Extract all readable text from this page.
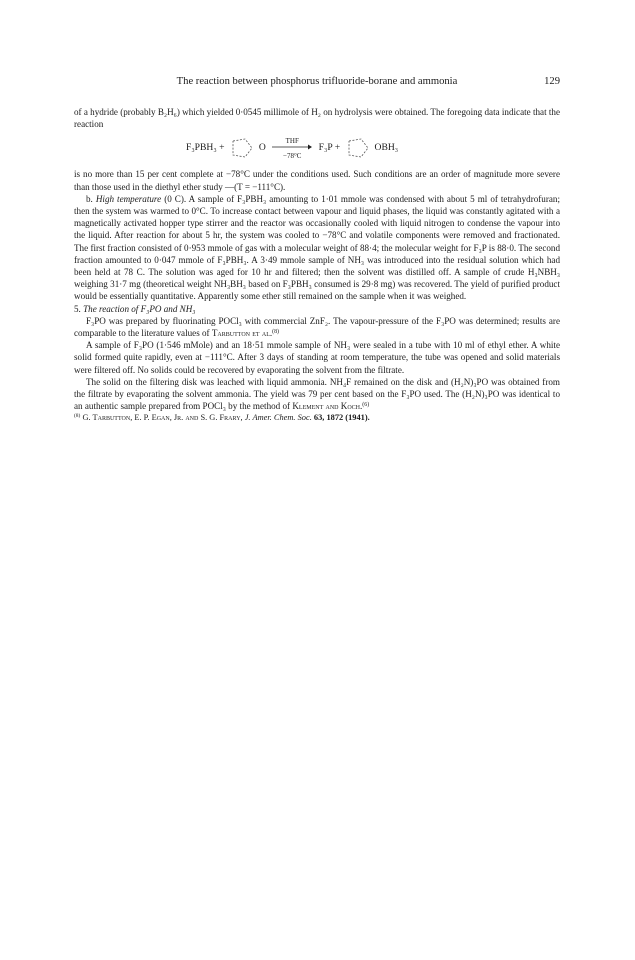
The reaction between phosphorus trifluoride-borane and ammonia	129

of a hydride (probably B₂H₆) which yielded 0·0545 millimole of H₂ on hydrolysis were obtained. The foregoing data indicate that the reaction

F₃PBH₃ +	O
THF
−78°C
F₃P +	OBH₃

is no more than 15 per cent complete at −78°C under the conditions used. Such conditions are an order of magnitude more severe than those used in the diethyl ether study —(T = −111°C).

b. High temperature (0 C). A sample of F₃PBH₃ amounting to 1·01 mmole was condensed with about 5 ml of tetrahydrofuran; then the system was warmed to 0°C. To increase contact between vapour and liquid phases, the liquid was constantly agitated with a magnetically activated hopper type stirrer and the reactor was occasionally cooled with liquid nitrogen to condense the vapour into the liquid. After reaction for about 5 hr, the system was cooled to −78°C and volatile components were removed and fractionated. The first fraction consisted of 0·953 mmole of gas with a molecular weight of 88·4; the molecular weight for F₃P is 88·0. The second fraction amounted to 0·047 mmole of F₃PBH₃. A 3·49 mmole sample of NH₃ was introduced into the residual solution which had been held at 78 C. The solution was aged for 10 hr and filtered; then the solvent was distilled off. A sample of crude H₃NBH₃ weighing 31·7 mg (theoretical weight NH₃BH₃ based on F₃PBH₃ consumed is 29·8 mg) was recovered. The yield of purified product would be essentially quantitative. Apparently some ether still remained on the sample when it was weighed.

5. The reaction of F₃PO and NH₃

F₃PO was prepared by fluorinating POCl₃ with commercial ZnF₂. The vapour-pressure of the F₃PO was determined; results are comparable to the literature values of Tarbutton et al.$^{(8)}$

A sample of F₃PO (1·546 mMole) and an 18·51 mmole sample of NH₃ were sealed in a tube with 10 ml of ethyl ether. A white solid formed quite rapidly, even at −111°C. After 3 days of standing at room temperature, the tube was opened and solid materials were filtered off. No solids could be recovered by evaporating the solvent from the filtrate.

The solid on the filtering disk was leached with liquid ammonia. NH₄F remained on the disk and (H₂N)₃PO was obtained from the filtrate by evaporating the solvent ammonia. The yield was 79 per cent based on the F₃PO used. The (H₂N)₃PO was identical to an authentic sample prepared from POCl₃ by the method of Klement and Koch.$^{(6)}$

$^{(8)}$ G. Tarbutton, E. P. Egan, Jr. and S. G. Frary, J. Amer. Chem. Soc. 63, 1872 (1941).
